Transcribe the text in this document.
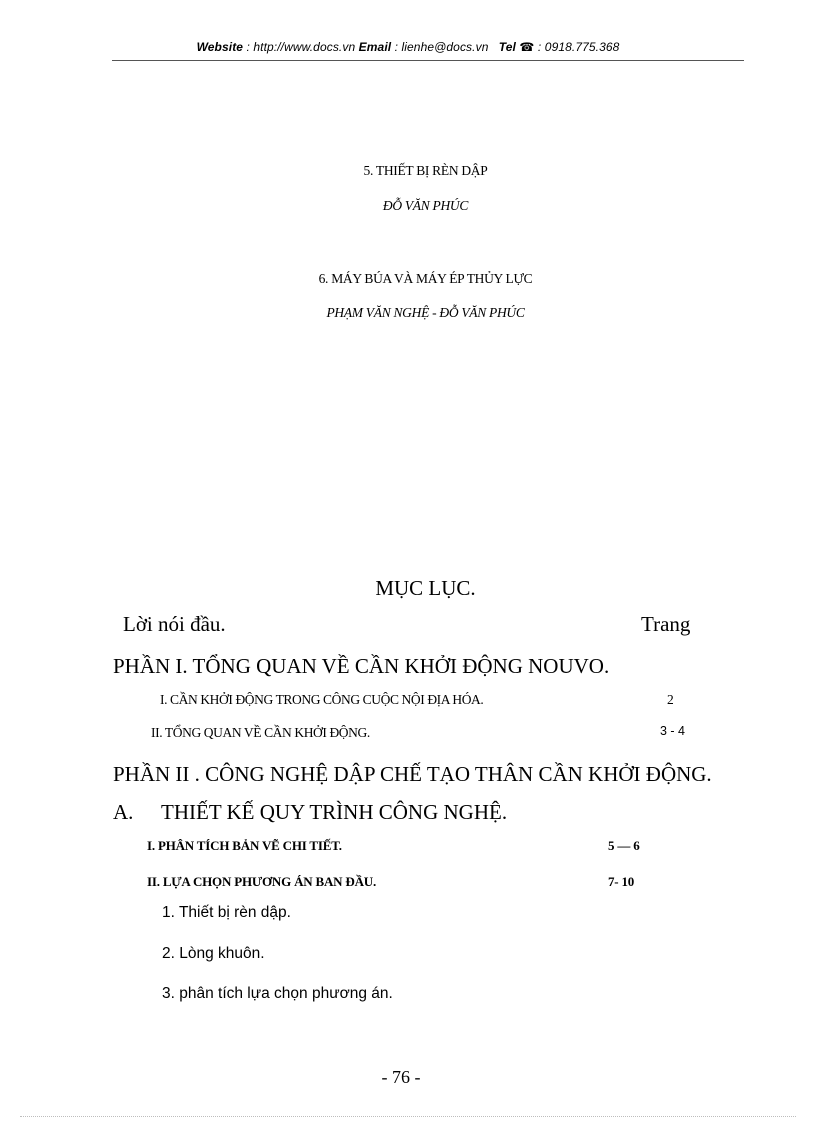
Website : http://www.docs.vn Email : lienhe@docs.vn Tel ☎ : 0918.775.368
5. THIẾT BỊ RÈN DẬP
ĐỖ VĂN PHÚC
6. MÁY BÚA VÀ MÁY ÉP THỦY LỰC
PHẠM VĂN NGHỆ - ĐỖ VĂN PHÚC
MỤC LỤC.
Lời nói đầu.	Trang
PHẦN I. TỔNG QUAN VỀ CẦN KHỞI ĐỘNG NOUVO.
I. CẦN KHỞI ĐỘNG TRONG CÔNG CUỘC NỘI ĐỊA HÓA.	2
II. TỔNG QUAN VỀ CẦN KHỞI ĐỘNG.	3 - 4
PHẦN II . CÔNG NGHỆ DẬP CHẾ TẠO THÂN CẦN KHỞI ĐỘNG.
A. THIẾT KẾ QUY TRÌNH CÔNG NGHỆ.
I. PHÂN TÍCH BẢN VẼ CHI TIẾT.	5 — 6
II. LỰA CHỌN PHƯƠNG ÁN BAN ĐẦU.	7- 10
1. Thiết bị rèn dập.
2. Lòng khuôn.
3. phân tích lựa chọn phương án.
- 76 -
